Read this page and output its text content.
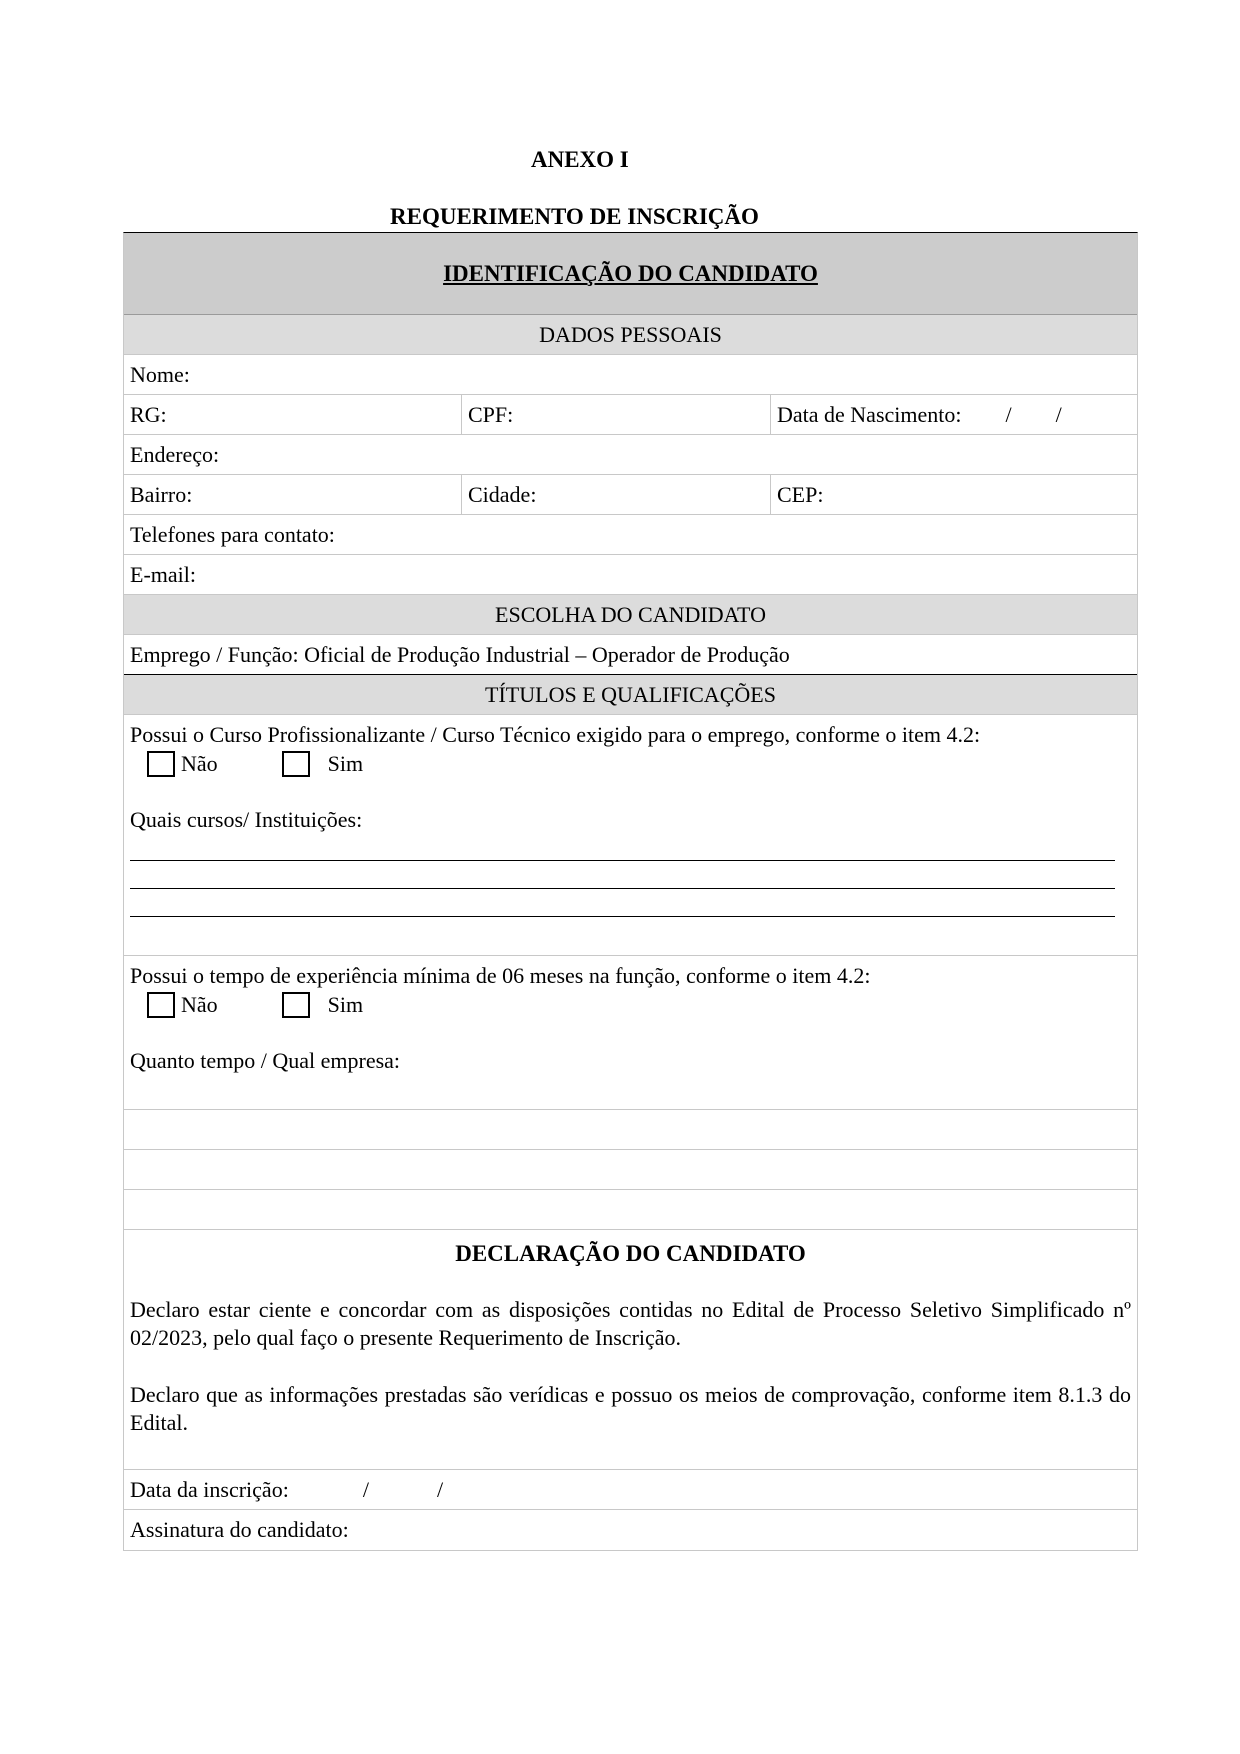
ANEXO I
REQUERIMENTO DE INSCRIÇÃO
IDENTIFICAÇÃO DO CANDIDATO
DADOS PESSOAIS
Nome:
RG:	CPF:	Data de Nascimento: / /
Endereço:
Bairro:	Cidade:	CEP:
Telefones para contato:
E-mail:
ESCOLHA DO CANDIDATO
Emprego / Função: Oficial de Produção Industrial – Operador de Produção
TÍTULOS E QUALIFICAÇÕES
Possui o Curso Profissionalizante / Curso Técnico exigido para o emprego, conforme o item 4.2:
Não	Sim
Quais cursos/ Instituições:
Possui o tempo de experiência mínima de 06 meses na função, conforme o item 4.2:
Não	Sim
Quanto tempo / Qual empresa:
DECLARAÇÃO DO CANDIDATO

Declaro estar ciente e concordar com as disposições contidas no Edital de Processo Seletivo Simplificado nº 02/2023, pelo qual faço o presente Requerimento de Inscrição.

Declaro que as informações prestadas são verídicas e possuo os meios de comprovação, conforme item 8.1.3 do Edital.

Data da inscrição:	/	/
Assinatura do candidato:
